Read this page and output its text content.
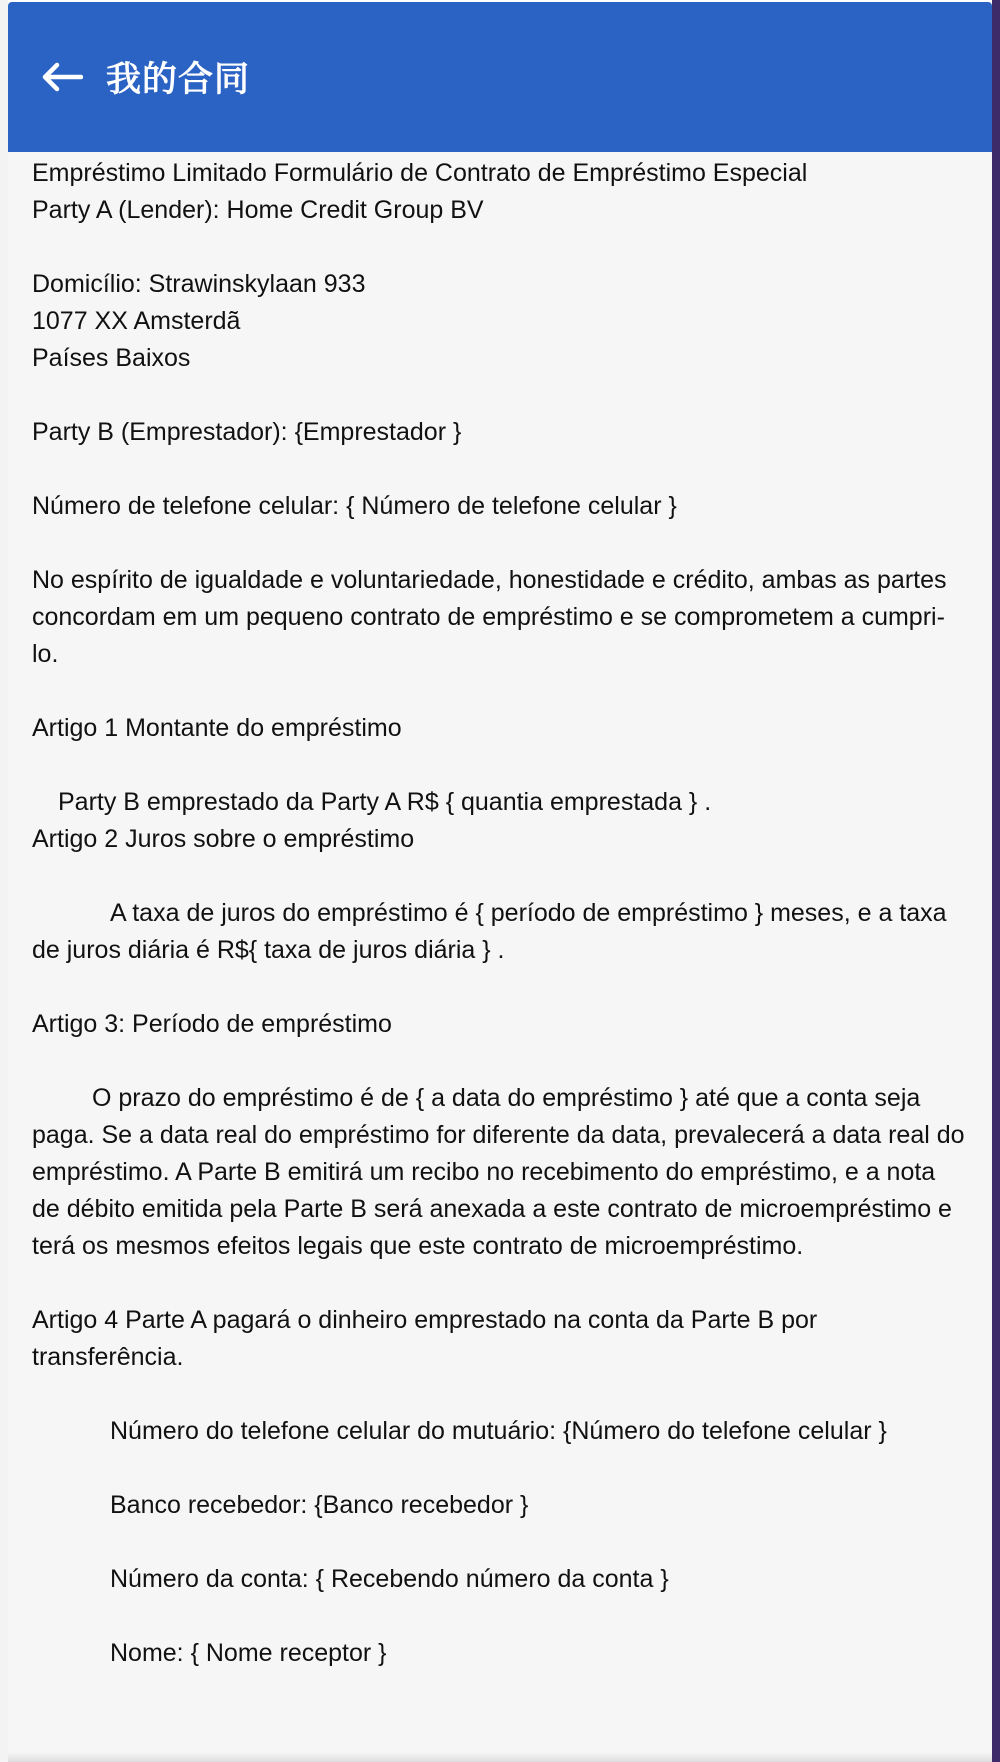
我的合同
Empréstimo Limitado Formulário de Contrato de Empréstimo Especial
Party A (Lender): Home Credit Group BV
Domicílio: Strawinskylaan 933
1077 XX Amsterdã
Países Baixos
Party B (Emprestador): {Emprestador }
Número de telefone celular: { Número de telefone celular }
No espírito de igualdade e voluntariedade, honestidade e crédito, ambas as partes concordam em um pequeno contrato de empréstimo e se comprometem a cumpri-lo.
Artigo 1 Montante do empréstimo
Party B emprestado da Party A R$ { quantia emprestada } .
Artigo 2 Juros sobre o empréstimo
A taxa de juros do empréstimo é { período de empréstimo } meses, e a taxa de juros diária é R${ taxa de juros diária } .
Artigo 3: Período de empréstimo
O prazo do empréstimo é de { a data do empréstimo } até que a conta seja paga. Se a data real do empréstimo for diferente da data, prevalecerá a data real do empréstimo. A Parte B emitirá um recibo no recebimento do empréstimo, e a nota de débito emitida pela Parte B será anexada a este contrato de microempréstimo e terá os mesmos efeitos legais que este contrato de microempréstimo.
Artigo 4 Parte A pagará o dinheiro emprestado na conta da Parte B por transferência.
Número do telefone celular do mutuário: {Número do telefone celular }
Banco recebedor: {Banco recebedor }
Número da conta: { Recebendo número da conta }
Nome: { Nome receptor }
